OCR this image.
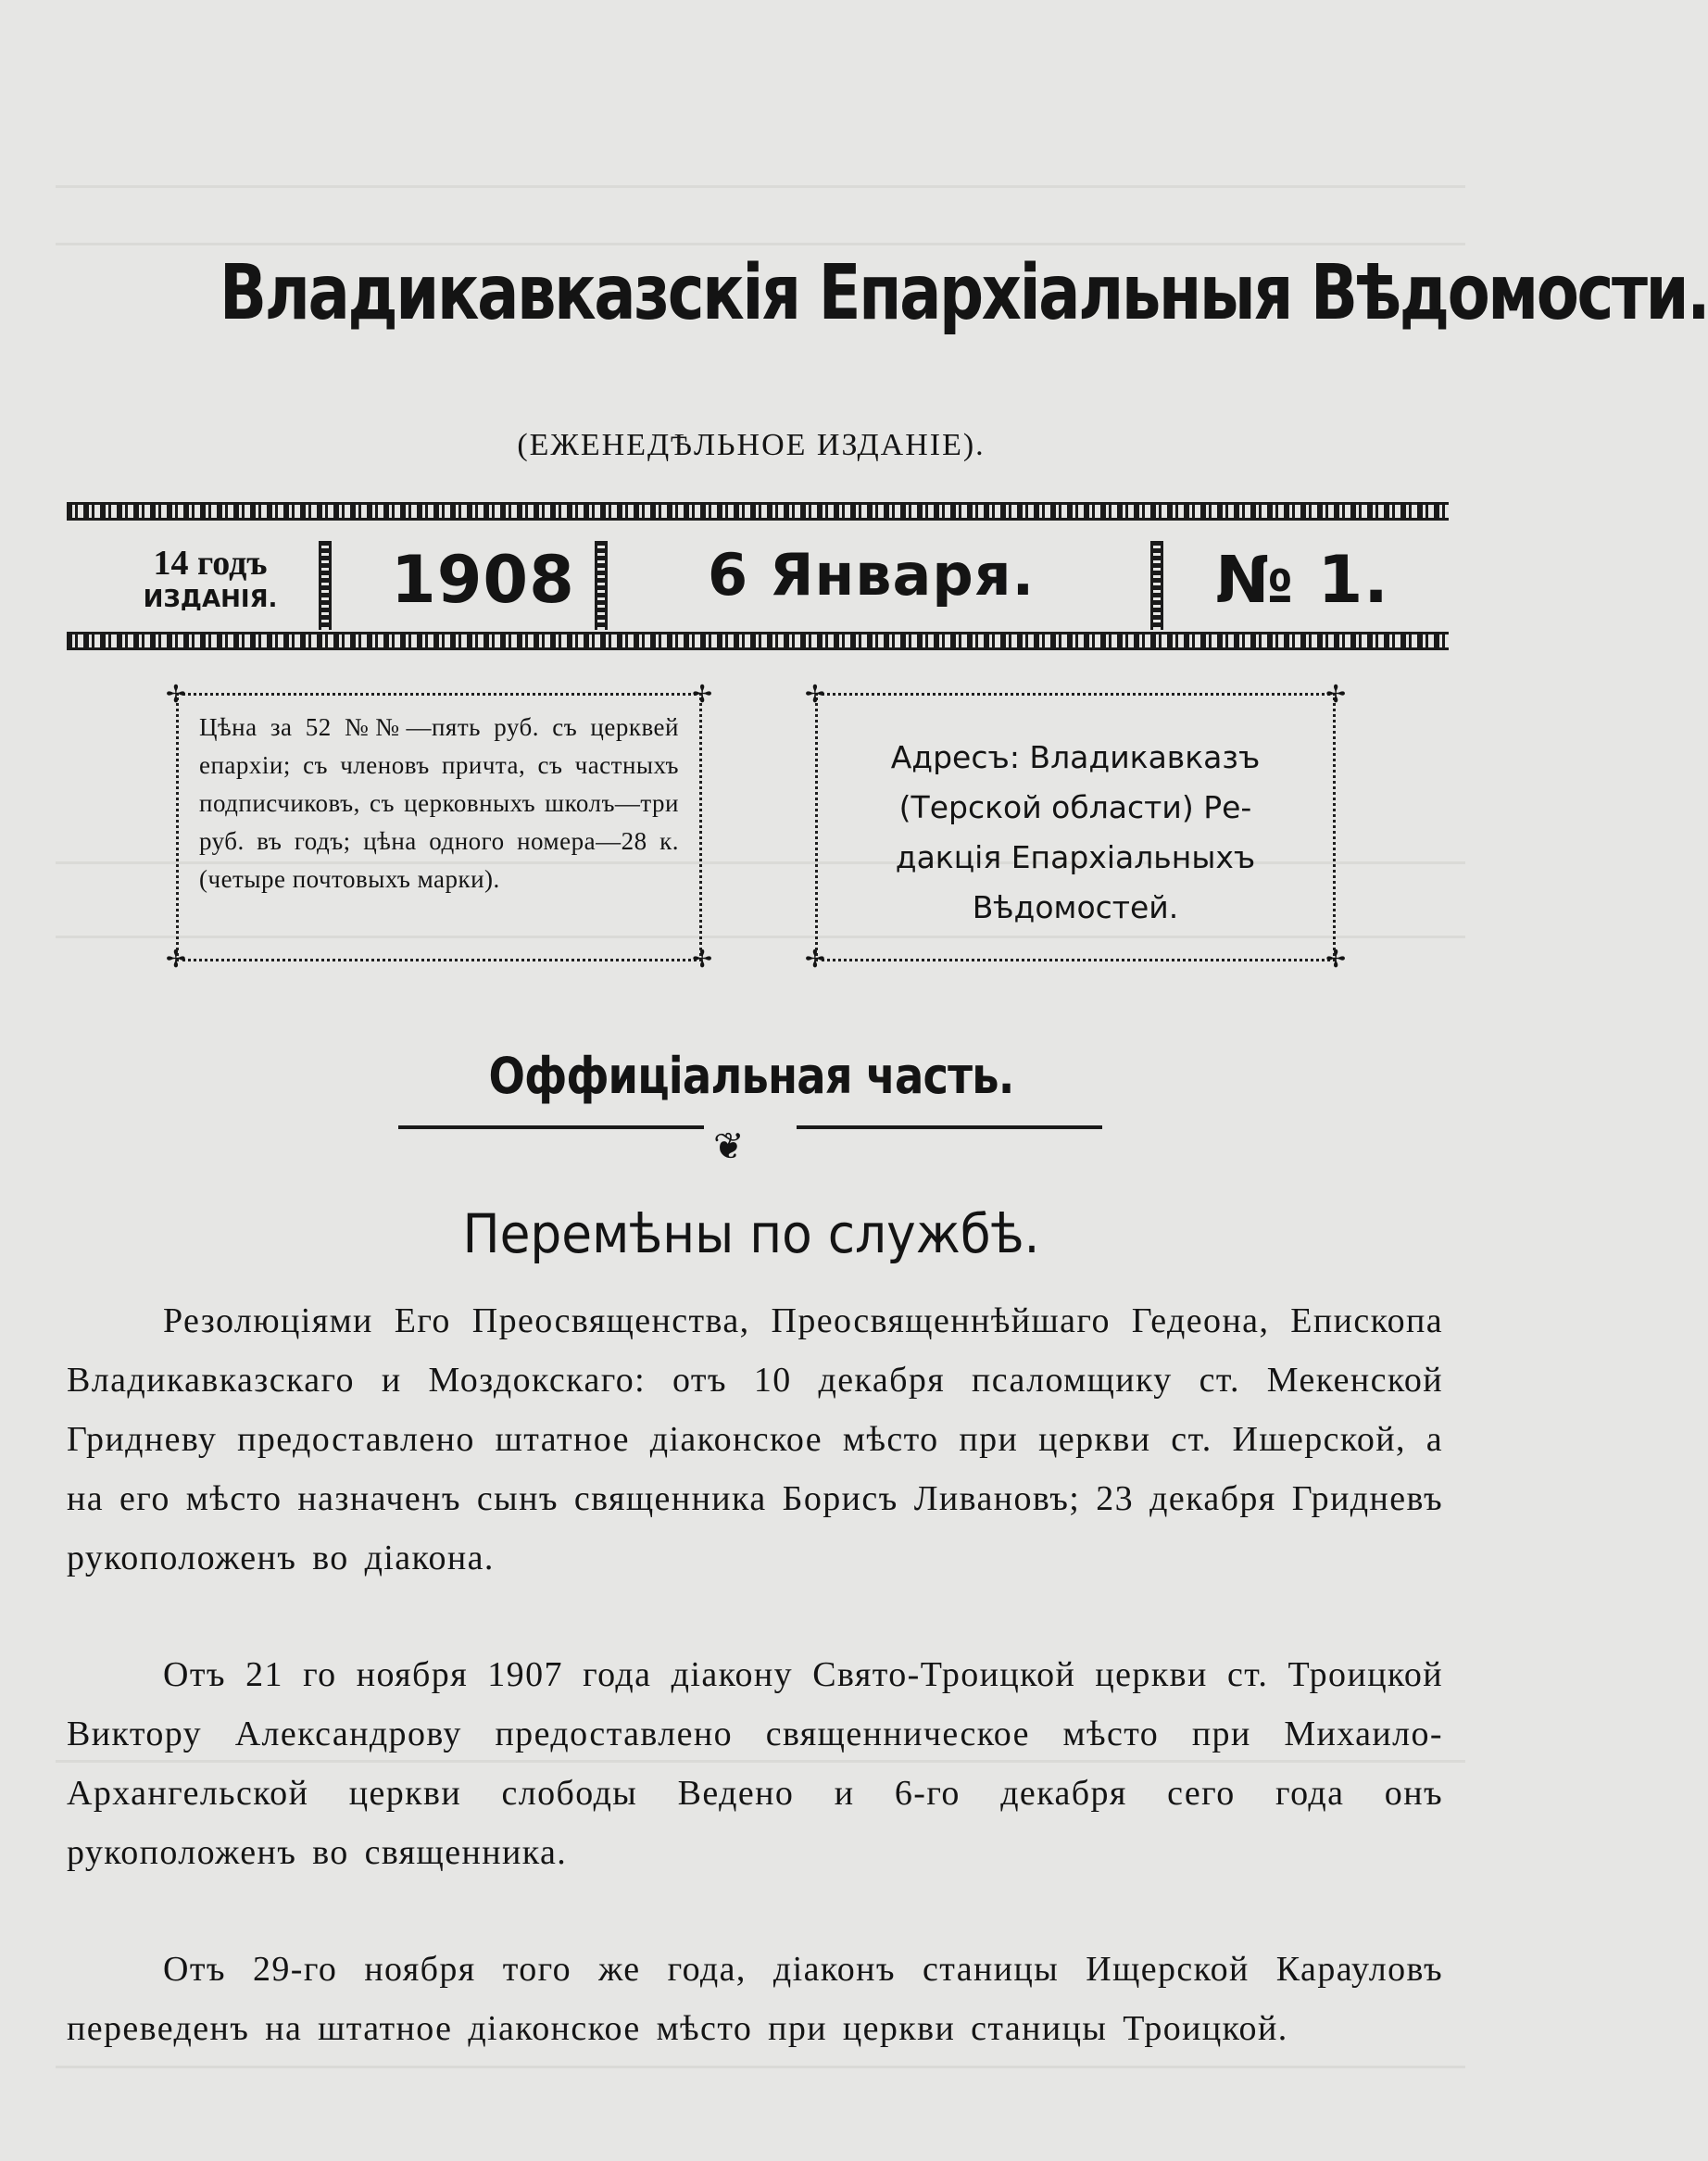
Владикавказскія Епархіальныя Вѣдомости.
(ЕЖЕНЕДѢЛЬНОЕ ИЗДАНІЕ).
14 годъ
ИЗДАНІЯ.	1908 6 Января.	№ 1.
✢	✢
✢	✢
Цѣна за 52 №№—пять руб. съ церквей епархіи; съ членовъ причта, съ частныхъ подписчиковъ, съ церковныхъ школъ—три руб. въ годъ; цѣна одного номера—28 к. (четыре почтовыхъ марки).
✢	✢
✢	✢
Адресъ: Владикавказъ
(Терской области) Ре-
дакція Епархіальныхъ
Вѣдомостей.
Оффиціальная часть.
❦
Перемѣны по службѣ.
Резолюціями Его Преосвященства, Преосвященнѣйшаго Гедеона, Епископа Владикавказскаго и Моздокскаго: отъ 10 декабря псаломщику ст. Мекенской Гридневу предоставлено штатное діаконское мѣсто при церкви ст. Ишерской, а на его мѣсто назначенъ сынъ священника Борисъ Ливановъ; 23 декабря Гридневъ рукоположенъ во діакона.
Отъ 21 го ноября 1907 года діакону Свято-Троицкой церкви ст. Троицкой Виктору Александрову предоставлено священническое мѣсто при Михаило-Архангельской церкви слободы Ведено и 6-го декабря сего года онъ рукоположенъ во священника.
Отъ 29-го ноября того же года, діаконъ станицы Ищерской Карауловъ переведенъ на штатное діаконское мѣсто при церкви станицы Троицкой.
